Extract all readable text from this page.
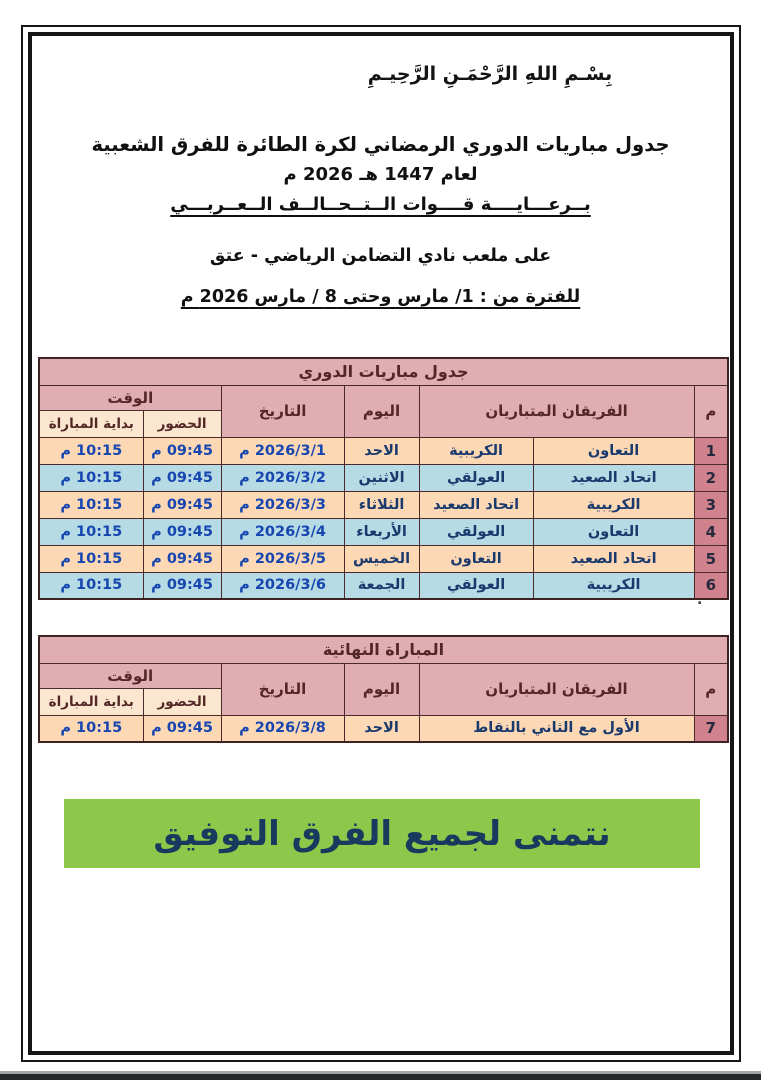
بِسْـمِ اللهِ الرَّحْمَـنِ الرَّحِيـمِ
جدول مباريات الدوري الرمضاني لكرة الطائرة للفرق الشعبية
لعام 1447 هـ 2026 م
بــرعـــايــــة قــــوات الــتــحــالــف الــعــربـــي
على ملعب نادي التضامن الرياضي - عتق
للفترة من : 1/ مارس وحتى 8 / مارس 2026 م
جدول مباريات الدوري						
م	الفريقان المتباريان		اليوم	التاريخ	الوقت	
					الحضور	بداية المباراة
1	التعاون	الكريبية	الاحد	2026/3/1 م	09:45 م	10:15 م
2	اتحاد الصعيد	العولقي	الاثنين	2026/3/2 م	09:45 م	10:15 م
3	الكريبية	اتحاد الصعيد	الثلاثاء	2026/3/3 م	09:45 م	10:15 م
4	التعاون	العولقي	الأربعاء	2026/3/4 م	09:45 م	10:15 م
5	اتحاد الصعيد	التعاون	الخميس	2026/3/5 م	09:45 م	10:15 م
6	الكريبية	العولقي	الجمعة	2026/3/6 م	09:45 م	10:15 م
.
المباراة النهائية					
م	الفريقان المتباريان	اليوم	التاريخ	الوقت	
				الحضور	بداية المباراة
7	الأول مع الثاني بالنقاط	الاحد	2026/3/8 م	09:45 م	10:15 م
نتمنى لجميع الفرق التوفيق
